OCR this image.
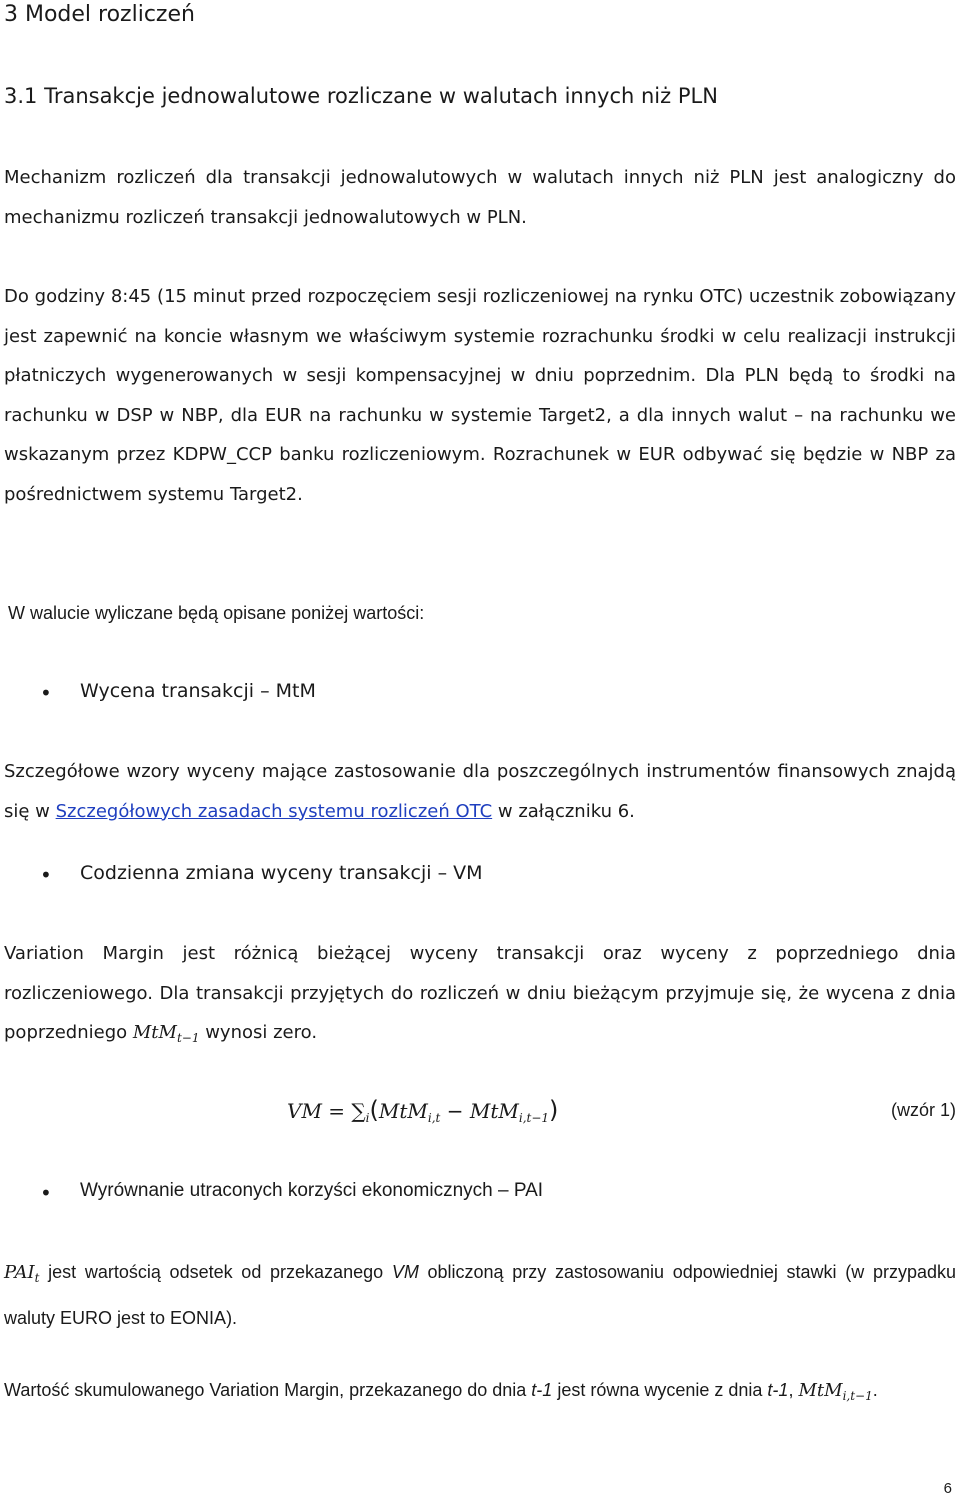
3 Model rozliczeń
3.1 Transakcje jednowalutowe rozliczane w walutach innych niż PLN
Mechanizm rozliczeń dla transakcji jednowalutowych w walutach innych niż PLN jest analogiczny do mechanizmu rozliczeń transakcji jednowalutowych w PLN.
Do godziny 8:45 (15 minut przed rozpoczęciem sesji rozliczeniowej na rynku OTC) uczestnik zobowiązany jest zapewnić na koncie własnym we właściwym systemie rozrachunku środki w celu realizacji instrukcji płatniczych wygenerowanych w sesji kompensacyjnej w dniu poprzednim. Dla PLN będą to środki na rachunku w DSP w NBP, dla EUR na rachunku w systemie Target2, a dla innych walut – na rachunku we wskazanym przez KDPW_CCP banku rozliczeniowym. Rozrachunek w EUR odbywać się będzie w NBP za pośrednictwem systemu Target2.
W walucie wyliczane będą opisane poniżej wartości:
• Wycena transakcji – MtM
Szczegółowe wzory wyceny mające zastosowanie dla poszczególnych instrumentów finansowych znajdą się w Szczegółowych zasadach systemu rozliczeń OTC w załączniku 6.
• Codzienna zmiana wyceny transakcji – VM
Variation Margin jest różnicą bieżącej wyceny transakcji oraz wyceny z poprzedniego dnia rozliczeniowego. Dla transakcji przyjętych do rozliczeń w dniu bieżącym przyjmuje się, że wycena z dnia poprzedniego MtM$_{t-1}$ wynosi zero.
VM = $\sum_i(MtM_{i,t} - MtM_{i,t-1})$	(wzór 1)
• Wyrównanie utraconych korzyści ekonomicznych – PAI
$PAI_t$ jest wartością odsetek od przekazanego VM obliczoną przy zastosowaniu odpowiedniej stawki (w przypadku waluty EURO jest to EONIA).
Wartość skumulowanego Variation Margin, przekazanego do dnia t-1 jest równa wycenie z dnia t-1, MtM$_{i,t-1}$.
6
